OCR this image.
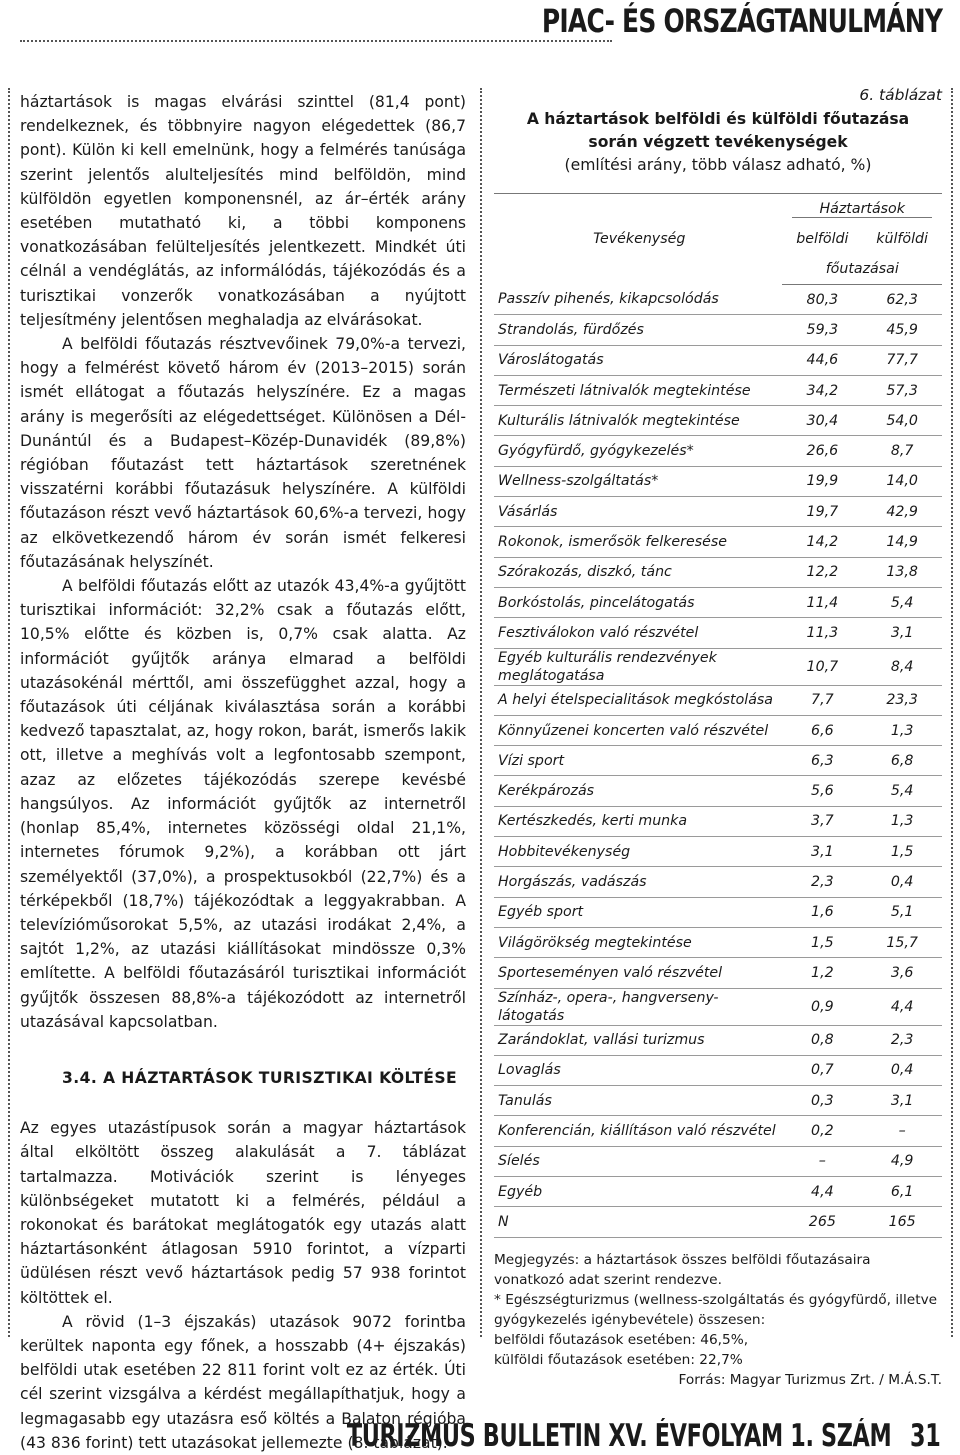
PIAC- ÉS ORSZÁGTANULMÁNY

háztartások is magas elvárási szinttel (81,4 pont) rendelkeznek, és többnyire nagyon elégedettek (86,7 pont). Külön ki kell emelnünk, hogy a felmérés tanúsága szerint jelentős alulteljesítés mind belföldön, mind külföldön egyetlen komponensnél, az ár–érték arány esetében mutatható ki, a többi komponens vonatkozásában felülteljesítés jelentkezett. Mindkét úti célnál a vendéglátás, az informálódás, tájékozódás és a turisztikai vonzerők vonatkozásában a nyújtott teljesítmény jelentősen meghaladja az elvárásokat.

A belföldi főutazás résztvevőinek 79,0%-a tervezi, hogy a felmérést követő három év (2013–2015) során ismét ellátogat a főutazás helyszínére. Ez a magas arány is megerősíti az elégedettséget. Különösen a Dél-Dunántúl és a Budapest–Közép-Dunavidék (89,8%) régióban főutazást tett háztartások szeretnének visszatérni korábbi főutazásuk helyszínére. A külföldi főutazáson részt vevő háztartások 60,6%-a tervezi, hogy az elkövetkezendő három év során ismét felkeresi főutazásának helyszínét.

A belföldi főutazás előtt az utazók 43,4%-a gyűjtött turisztikai információt: 32,2% csak a főutazás előtt, 10,5% előtte és közben is, 0,7% csak alatta. Az információt gyűjtők aránya elmarad a belföldi utazásokénál mérttől, ami összefügghet azzal, hogy a főutazások úti céljának kiválasztása során a korábbi kedvező tapasztalat, az, hogy rokon, barát, ismerős lakik ott, illetve a meghívás volt a legfontosabb szempont, azaz az előzetes tájékozódás szerepe kevésbé hangsúlyos. Az információt gyűjtők az internetről (honlap 85,4%, internetes közösségi oldal 21,1%, internetes fórumok 9,2%), a korábban ott járt személyektől (37,0%), a prospektusokból (22,7%) és a térképekből (18,7%) tájékozódtak a leggyakrabban. A televízióműsorokat 5,5%, az utazási irodákat 2,4%, a sajtót 1,2%, az utazási kiállításokat mindössze 0,3% említette. A belföldi főutazásáról turisztikai információt gyűjtők összesen 88,8%-a tájékozódott az internetről utazásával kapcsolatban.

3.4. A HÁZTARTÁSOK TURISZTIKAI KÖLTÉSE

Az egyes utazástípusok során a magyar háztartások által elköltött összeg alakulását a 7. táblázat tartalmazza. Motivációk szerint is lényeges különbségeket mutatott ki a felmérés, például a rokonokat és barátokat meglátogatók egy utazás alatt háztartásonként átlagosan 5910 forintot, a vízparti üdülésen részt vevő háztartások pedig 57 938 forintot költöttek el.

A rövid (1–3 éjszakás) utazások 9072 forintba kerültek naponta egy főnek, a hosszabb (4+ éjszakás) belföldi utak esetében 22 811 forint volt ez az érték. Úti cél szerint vizsgálva a kérdést megállapíthatjuk, hogy a legmagasabb egy utazásra eső költés a Balaton régióba (43 836 forint) tett utazásokat jellemezte (8. táblázat).

6. táblázat
A háztartások belföldi és külföldi főutazása
során végzett tevékenységek
(említési arány, több válasz adható, %)
Tevékenység	Háztartások	

	belföldi	külföldi
	főutazásai	
Passzív pihenés, kikapcsolódás	80,3	62,3
Strandolás, fürdőzés	59,3	45,9
Városlátogatás	44,6	77,7
Természeti látnivalók megtekintése	34,2	57,3
Kulturális látnivalók megtekintése	30,4	54,0
Gyógyfürdő, gyógykezelés*	26,6	8,7
Wellness-szolgáltatás*	19,9	14,0
Vásárlás	19,7	42,9
Rokonok, ismerősök felkeresése	14,2	14,9
Szórakozás, diszkó, tánc	12,2	13,8
Borkóstolás, pincelátogatás	11,4	5,4
Fesztiválokon való részvétel	11,3	3,1
Egyéb kulturális rendezvények meglátogatása	10,7	8,4
A helyi ételspecialitások megkóstolása	7,7	23,3
Könnyűzenei koncerten való részvétel	6,6	1,3
Vízi sport	6,3	6,8
Kerékpározás	5,6	5,4
Kertészkedés, kerti munka	3,7	1,3
Hobbitevékenység	3,1	1,5
Horgászás, vadászás	2,3	0,4
Egyéb sport	1,6	5,1
Világörökség megtekintése	1,5	15,7
Sporteseményen való részvétel	1,2	3,6
Színház-, opera-, hangverseny-látogatás	0,9	4,4
Zarándoklat, vallási turizmus	0,8	2,3
Lovaglás	0,7	0,4
Tanulás	0,3	3,1
Konferencián, kiállításon való részvétel	0,2	–
Síelés	–	4,9
Egyéb	4,4	6,1
N	265	165

Megjegyzés: a háztartások összes belföldi főutazásaira vonatkozó adat szerint rendezve.

* Egészségturizmus (wellness-szolgáltatás és gyógyfürdő, illetve gyógykezelés igénybevétele) összesen:

belföldi főutazások esetében: 46,5%,

külföldi főutazások esetében: 22,7%

Forrás: Magyar Turizmus Zrt. / M.Á.S.T.
TURIZMUS BULLETIN XV. ÉVFOLYAM 1. SZÁM 31
